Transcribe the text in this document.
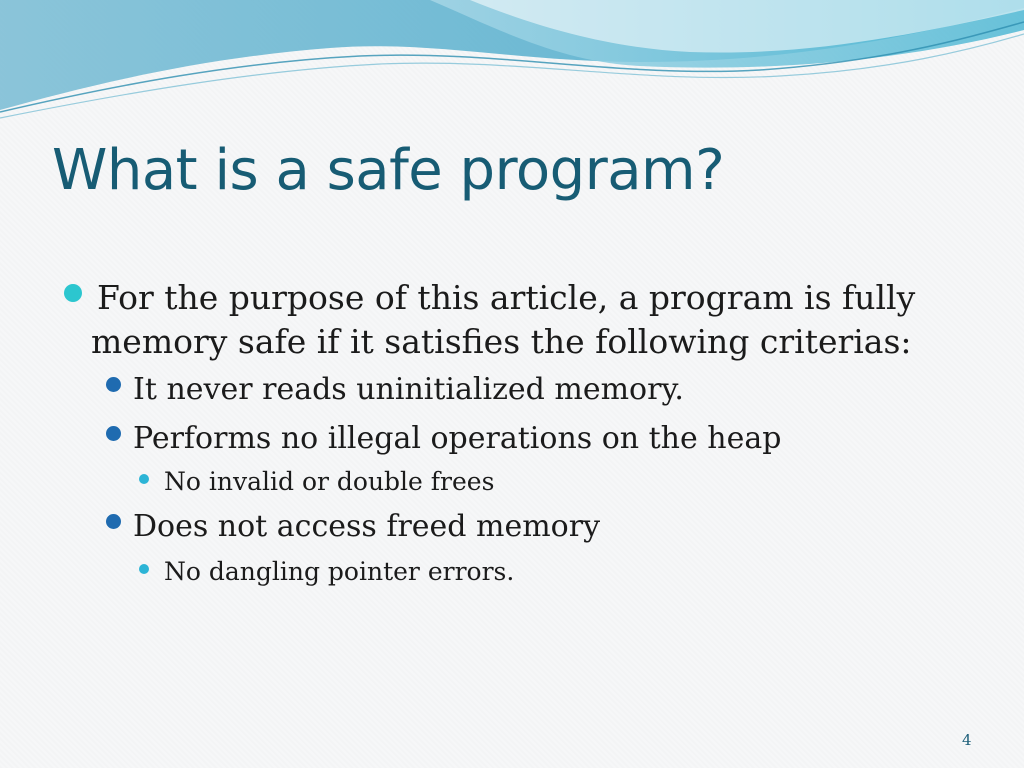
What is a safe program?
For the purpose of this article, a program is fully
memory safe if it satisfies the following criterias:
It never reads uninitialized memory.
Performs no illegal operations on the heap
No invalid or double frees
Does not access freed memory
No dangling pointer errors.
4
